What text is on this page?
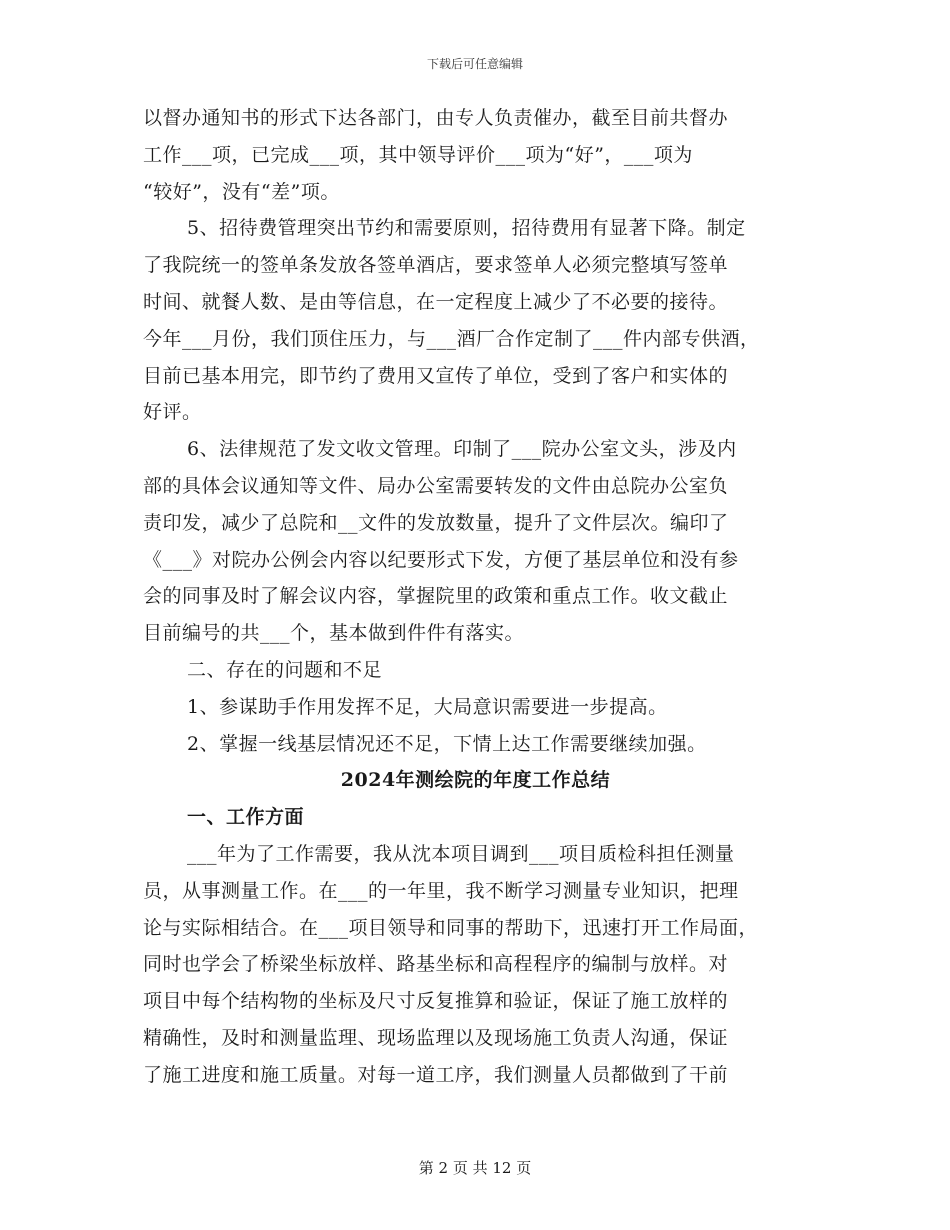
下载后可任意编辑
以督办通知书的形式下达各部门，由专人负责催办，截至目前共督办
工作___项，已完成___项，其中领导评价___项为“好”，___项为
“较好”，没有“差”项。
5、招待费管理突出节约和需要原则，招待费用有显著下降。制定
了我院统一的签单条发放各签单酒店，要求签单人必须完整填写签单
时间、就餐人数、是由等信息，在一定程度上减少了不必要的接待。
今年___月份，我们顶住压力，与___酒厂合作定制了___件内部专供酒，
目前已基本用完，即节约了费用又宣传了单位，受到了客户和实体的
好评。
6、法律规范了发文收文管理。印制了___院办公室文头，涉及内
部的具体会议通知等文件、局办公室需要转发的文件由总院办公室负
责印发，减少了总院和__文件的发放数量，提升了文件层次。编印了
《___》对院办公例会内容以纪要形式下发，方便了基层单位和没有参
会的同事及时了解会议内容，掌握院里的政策和重点工作。收文截止
目前编号的共___个，基本做到件件有落实。
二、存在的问题和不足
1、参谋助手作用发挥不足，大局意识需要进一步提高。
2、掌握一线基层情况还不足，下情上达工作需要继续加强。
2024年测绘院的年度工作总结
一、工作方面
___年为了工作需要，我从沈本项目调到___项目质检科担任测量
员，从事测量工作。在___的一年里，我不断学习测量专业知识，把理
论与实际相结合。在___项目领导和同事的帮助下，迅速打开工作局面，
同时也学会了桥梁坐标放样、路基坐标和高程程序的编制与放样。对
项目中每个结构物的坐标及尺寸反复推算和验证，保证了施工放样的
精确性，及时和测量监理、现场监理以及现场施工负责人沟通，保证
了施工进度和施工质量。对每一道工序，我们测量人员都做到了干前
第 2 页 共 12 页
